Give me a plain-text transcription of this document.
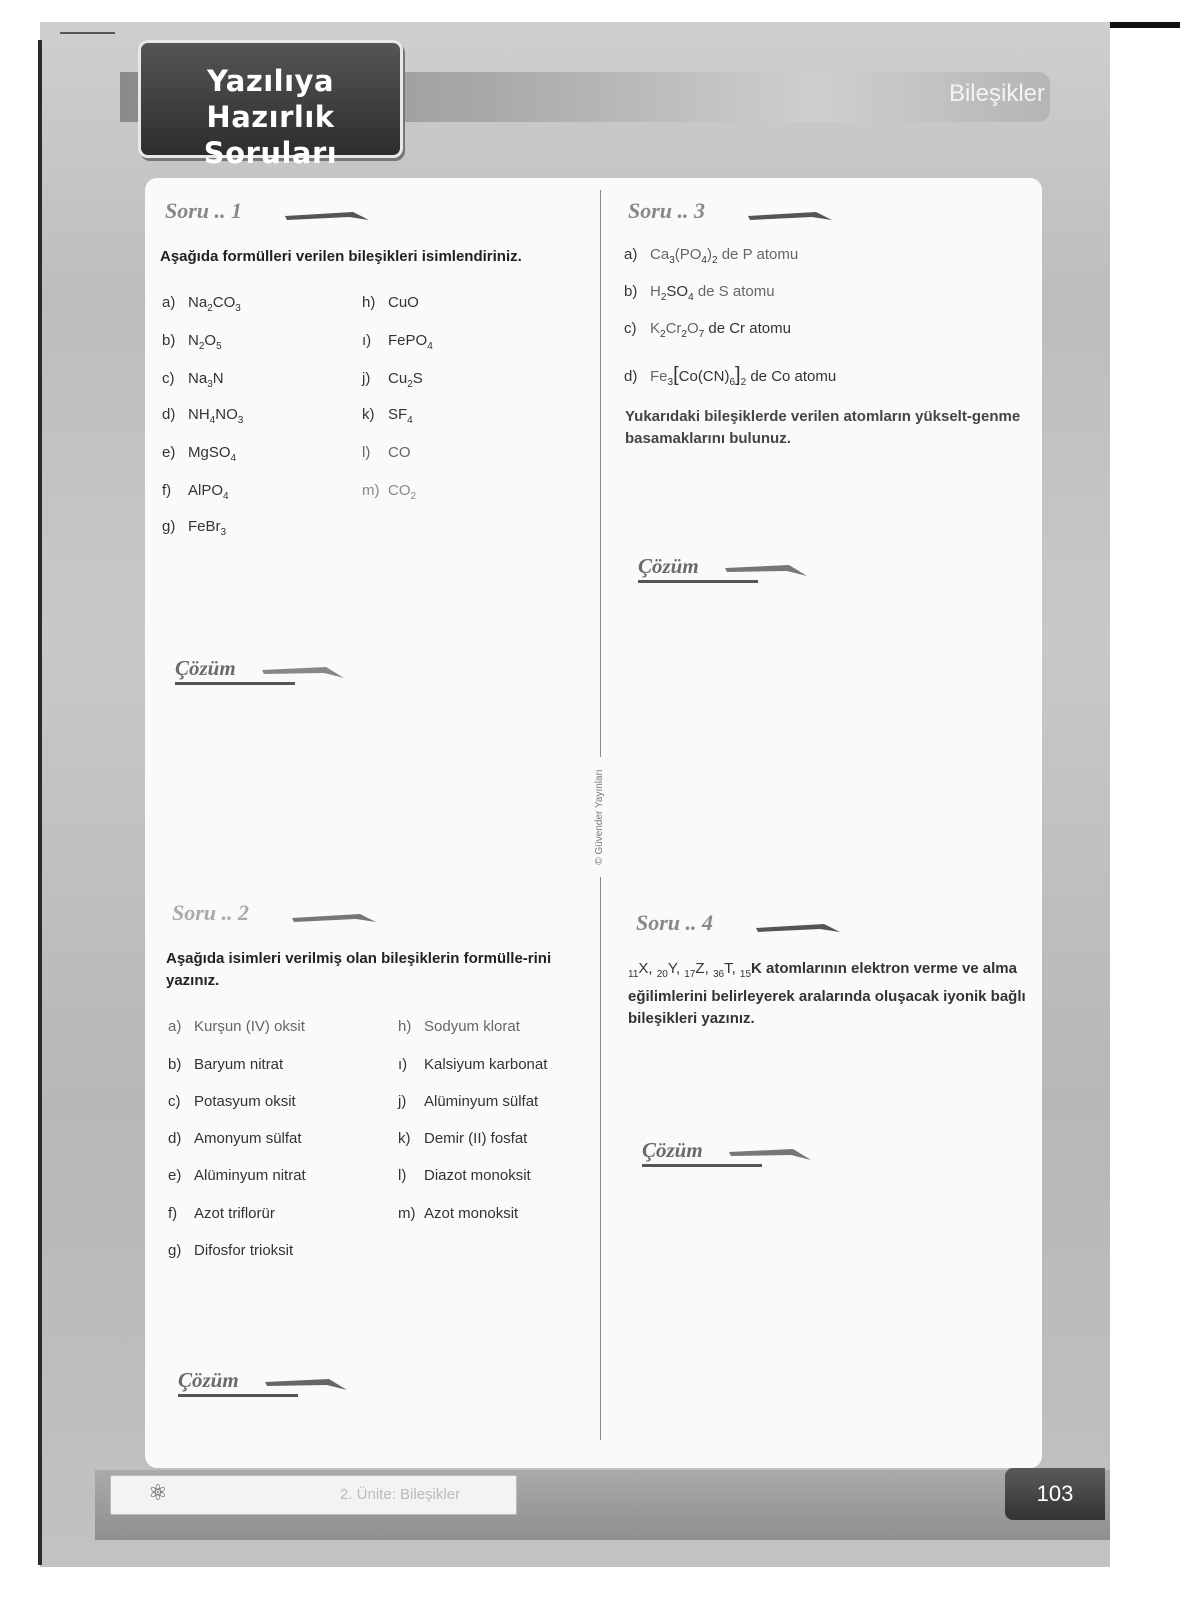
Yazılıya Hazırlık
Soruları
Bileşikler
© Güvender Yayınları
Soru .. 1
Aşağıda formülleri verilen bileşikleri isimlendiriniz.
a) $Na_2CO_3$
b) $N_2O_5$
c) $Na_3N$
d) $NH_4NO_3$
e) MgSO$_4$
f) AlPO$_4$
g) FeBr$_3$
h) CuO
ı) FePO$_4$
j) $Cu_2S$
k) $SF_4$
l) CO
m) $CO_2$
Çözüm
Soru .. 2
Aşağıda isimleri verilmiş olan bileşiklerin formülle-rini yazınız.
a) Kurşun (IV) oksit
b) Baryum nitrat
c) Potasyum oksit
d) Amonyum sülfat
e) Alüminyum nitrat
f) Azot triflorür
g) Difosfor trioksit
h) Sodyum klorat
ı) Kalsiyum karbonat
j) Alüminyum sülfat
k) Demir (II) fosfat
l) Diazot monoksit
m) Azot monoksit
Çözüm
Soru .. 3
a) $Ca_3(PO_4)_2$ de P atomu
b) $H_2SO_4$ de S atomu
c) $K_2Cr_2O_7$ de Cr atomu
d) $Fe_3[Co(CN)_6]_2$ de Co atomu
Yukarıdaki bileşiklerde verilen atomların yükselt-genme basamaklarını bulunuz.
Çözüm
Soru .. 4
$_{11}$X, $_{20}$Y, $_{17}$Z, $_{36}$T, $_{15}$K atomlarının elektron verme ve alma eğilimlerini belirleyerek aralarında oluşacak iyonik bağlı bileşikleri yazınız.
Çözüm
⚛	2. Ünite: Bileşikler	103
